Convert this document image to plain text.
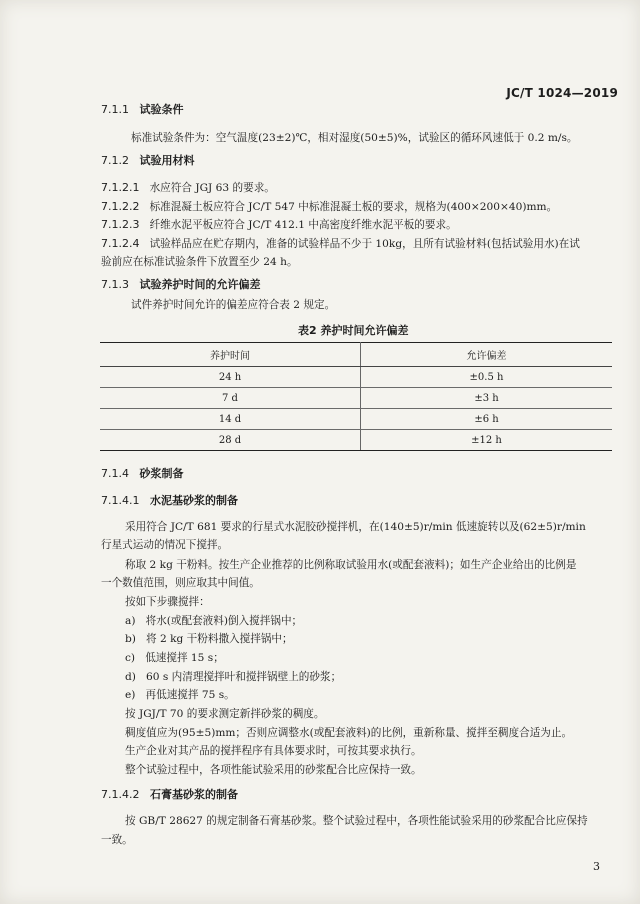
JC/T 1024—2019
7.1.1 试验条件
标准试验条件为：空气温度(23±2)℃，相对湿度(50±5)%，试验区的循环风速低于 0.2 m/s。
7.1.2 试验用材料
7.1.2.1 水应符合 JGJ 63 的要求。
7.1.2.2 标准混凝土板应符合 JC/T 547 中标准混凝土板的要求，规格为(400×200×40)mm。
7.1.2.3 纤维水泥平板应符合 JC/T 412.1 中高密度纤维水泥平板的要求。
7.1.2.4 试验样品应在贮存期内，准备的试验样品不少于 10kg，且所有试验材料(包括试验用水)在试
验前应在标准试验条件下放置至少 24 h。
7.1.3 试验养护时间的允许偏差
试件养护时间允许的偏差应符合表 2 规定。
表2 养护时间允许偏差
养护时间	允许偏差
24 h	±0.5 h
7 d	±3 h
14 d	±6 h
28 d	±12 h
7.1.4 砂浆制备
7.1.4.1 水泥基砂浆的制备
采用符合 JC/T 681 要求的行星式水泥胶砂搅拌机，在(140±5)r/min 低速旋转以及(62±5)r/min
行星式运动的情况下搅拌。
称取 2 kg 干粉料。按生产企业推荐的比例称取试验用水(或配套液料)；如生产企业给出的比例是
一个数值范围，则应取其中间值。
按如下步骤搅拌：
a) 将水(或配套液料)倒入搅拌锅中；
b) 将 2 kg 干粉料撒入搅拌锅中；
c) 低速搅拌 15 s；
d) 60 s 内清理搅拌叶和搅拌锅壁上的砂浆；
e) 再低速搅拌 75 s。
按 JGJ/T 70 的要求测定新拌砂浆的稠度。
稠度值应为(95±5)mm；否则应调整水(或配套液料)的比例，重新称量、搅拌至稠度合适为止。
生产企业对其产品的搅拌程序有具体要求时，可按其要求执行。
整个试验过程中，各项性能试验采用的砂浆配合比应保持一致。
7.1.4.2 石膏基砂浆的制备
按 GB/T 28627 的规定制备石膏基砂浆。整个试验过程中，各项性能试验采用的砂浆配合比应保持
一致。
3
